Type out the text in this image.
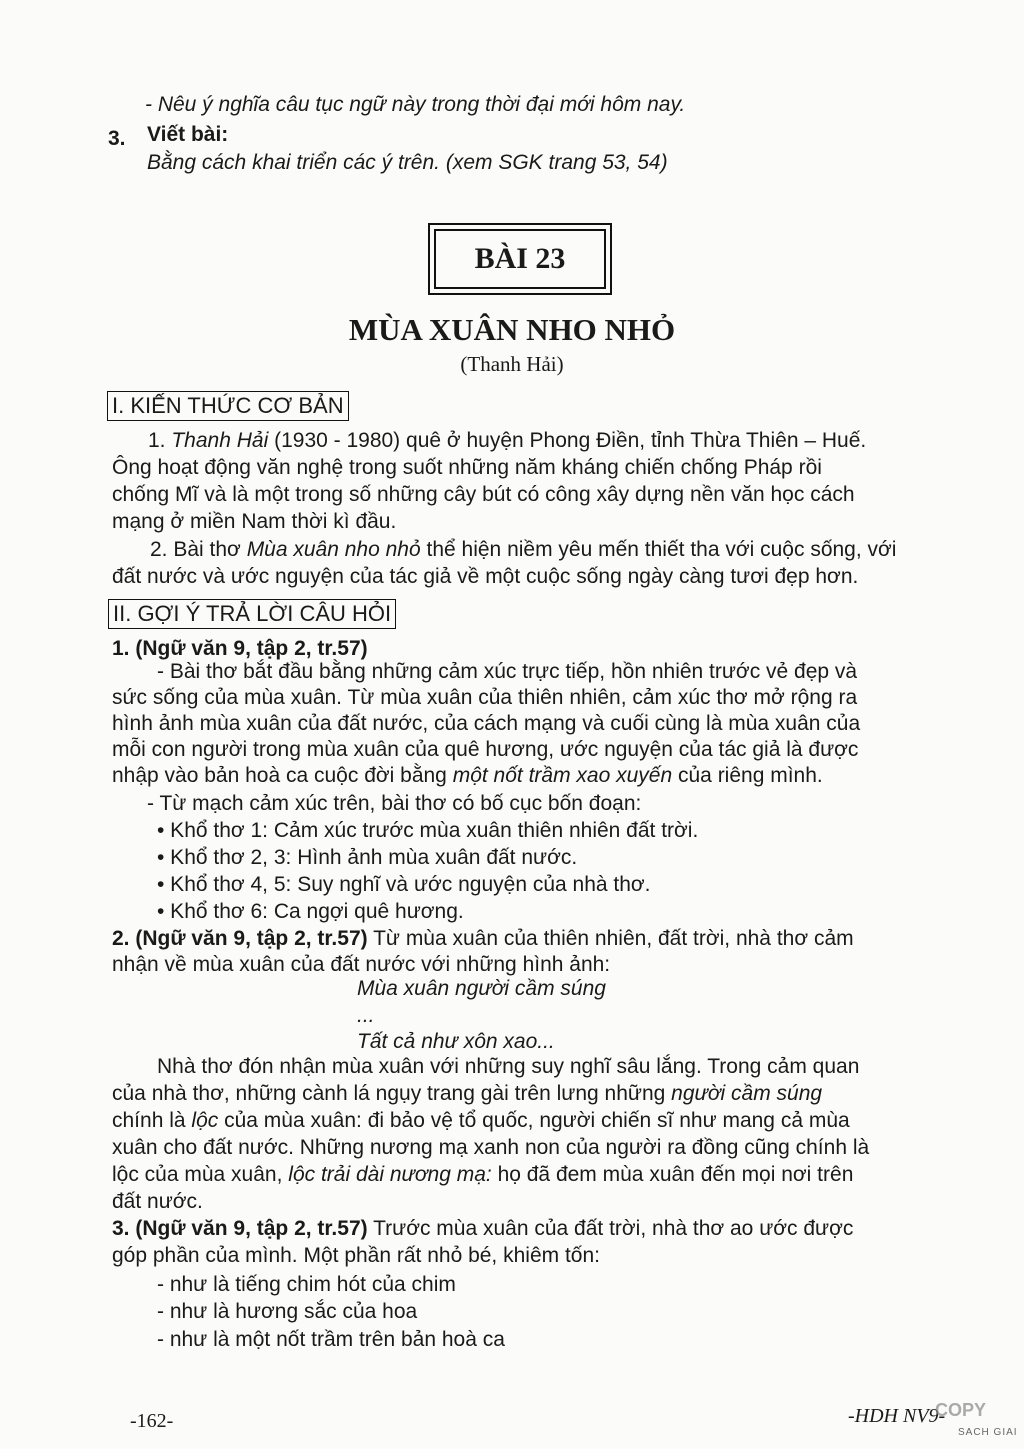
- Nêu ý nghĩa câu tục ngữ này trong thời đại mới hôm nay.
3. Viết bài:
Bằng cách khai triển các ý trên. (xem SGK trang 53, 54)
BÀI 23
MÙA XUÂN NHO NHỎ
(Thanh Hải)
I. KIẾN THỨC CƠ BẢN
1. Thanh Hải (1930 - 1980) quê ở huyện Phong Điền, tỉnh Thừa Thiên – Huế.
Ông hoạt động văn nghệ trong suốt những năm kháng chiến chống Pháp rồi
chống Mĩ và là một trong số những cây bút có công xây dựng nền văn học cách
mạng ở miền Nam thời kì đầu.
2. Bài thơ Mùa xuân nho nhỏ thể hiện niềm yêu mến thiết tha với cuộc sống, với
đất nước và ước nguyện của tác giả về một cuộc sống ngày càng tươi đẹp hơn.
II. GỢI Ý TRẢ LỜI CÂU HỎI
1. (Ngữ văn 9, tập 2, tr.57)
- Bài thơ bắt đầu bằng những cảm xúc trực tiếp, hồn nhiên trước vẻ đẹp và
sức sống của mùa xuân. Từ mùa xuân của thiên nhiên, cảm xúc thơ mở rộng ra
hình ảnh mùa xuân của đất nước, của cách mạng và cuối cùng là mùa xuân của
mỗi con người trong mùa xuân của quê hương, ước nguyện của tác giả là được
nhập vào bản hoà ca cuộc đời bằng một nốt trầm xao xuyến của riêng mình.
- Từ mạch cảm xúc trên, bài thơ có bố cục bốn đoạn:
• Khổ thơ 1: Cảm xúc trước mùa xuân thiên nhiên đất trời.
• Khổ thơ 2, 3: Hình ảnh mùa xuân đất nước.
• Khổ thơ 4, 5: Suy nghĩ và ước nguyện của nhà thơ.
• Khổ thơ 6: Ca ngợi quê hương.
2. (Ngữ văn 9, tập 2, tr.57) Từ mùa xuân của thiên nhiên, đất trời, nhà thơ cảm
nhận về mùa xuân của đất nước với những hình ảnh:
Mùa xuân người cầm súng
...
Tất cả như xôn xao...
Nhà thơ đón nhận mùa xuân với những suy nghĩ sâu lắng. Trong cảm quan
của nhà thơ, những cành lá ngụy trang gài trên lưng những người cầm súng
chính là lộc của mùa xuân: đi bảo vệ tổ quốc, người chiến sĩ như mang cả mùa
xuân cho đất nước. Những nương mạ xanh non của người ra đồng cũng chính là
lộc của mùa xuân, lộc trải dài nương mạ: họ đã đem mùa xuân đến mọi nơi trên
đất nước.
3. (Ngữ văn 9, tập 2, tr.57) Trước mùa xuân của đất trời, nhà thơ ao ước được
góp phần của mình. Một phần rất nhỏ bé, khiêm tốn:
- như là tiếng chim hót của chim
- như là hương sắc của hoa
- như là một nốt trầm trên bản hoà ca
-162-	-HDH NV9-
COPY
SACH GIAI
